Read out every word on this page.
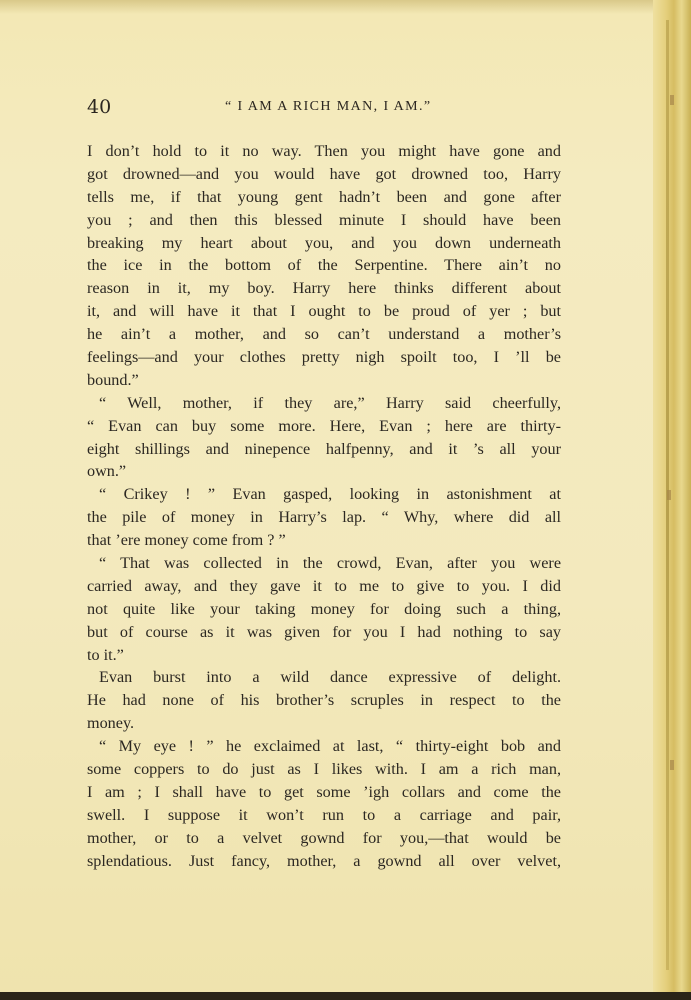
40	“ I AM A RICH MAN, I AM.”
I don’t hold to it no way. Then you might have gone and
got drowned—and you would have got drowned too, Harry
tells me, if that young gent hadn’t been and gone after
you ; and then this blessed minute I should have been
breaking my heart about you, and you down underneath
the ice in the bottom of the Serpentine. There ain’t no
reason in it, my boy. Harry here thinks different about
it, and will have it that I ought to be proud of yer ; but
he ain’t a mother, and so can’t understand a mother’s
feelings—and your clothes pretty nigh spoilt too, I ’ll be
bound.”
“ Well, mother, if they are,” Harry said cheerfully,
“ Evan can buy some more. Here, Evan ; here are thirty-
eight shillings and ninepence halfpenny, and it ’s all your
own.”
“ Crikey ! ” Evan gasped, looking in astonishment at
the pile of money in Harry’s lap. “ Why, where did all
that ’ere money come from ? ”
“ That was collected in the crowd, Evan, after you were
carried away, and they gave it to me to give to you. I did
not quite like your taking money for doing such a thing,
but of course as it was given for you I had nothing to say
to it.”
Evan burst into a wild dance expressive of delight.
He had none of his brother’s scruples in respect to the
money.
“ My eye ! ” he exclaimed at last, “ thirty-eight bob and
some coppers to do just as I likes with. I am a rich man,
I am ; I shall have to get some ’igh collars and come the
swell. I suppose it won’t run to a carriage and pair,
mother, or to a velvet gownd for you,—that would be
splendatious. Just fancy, mother, a gownd all over velvet,
